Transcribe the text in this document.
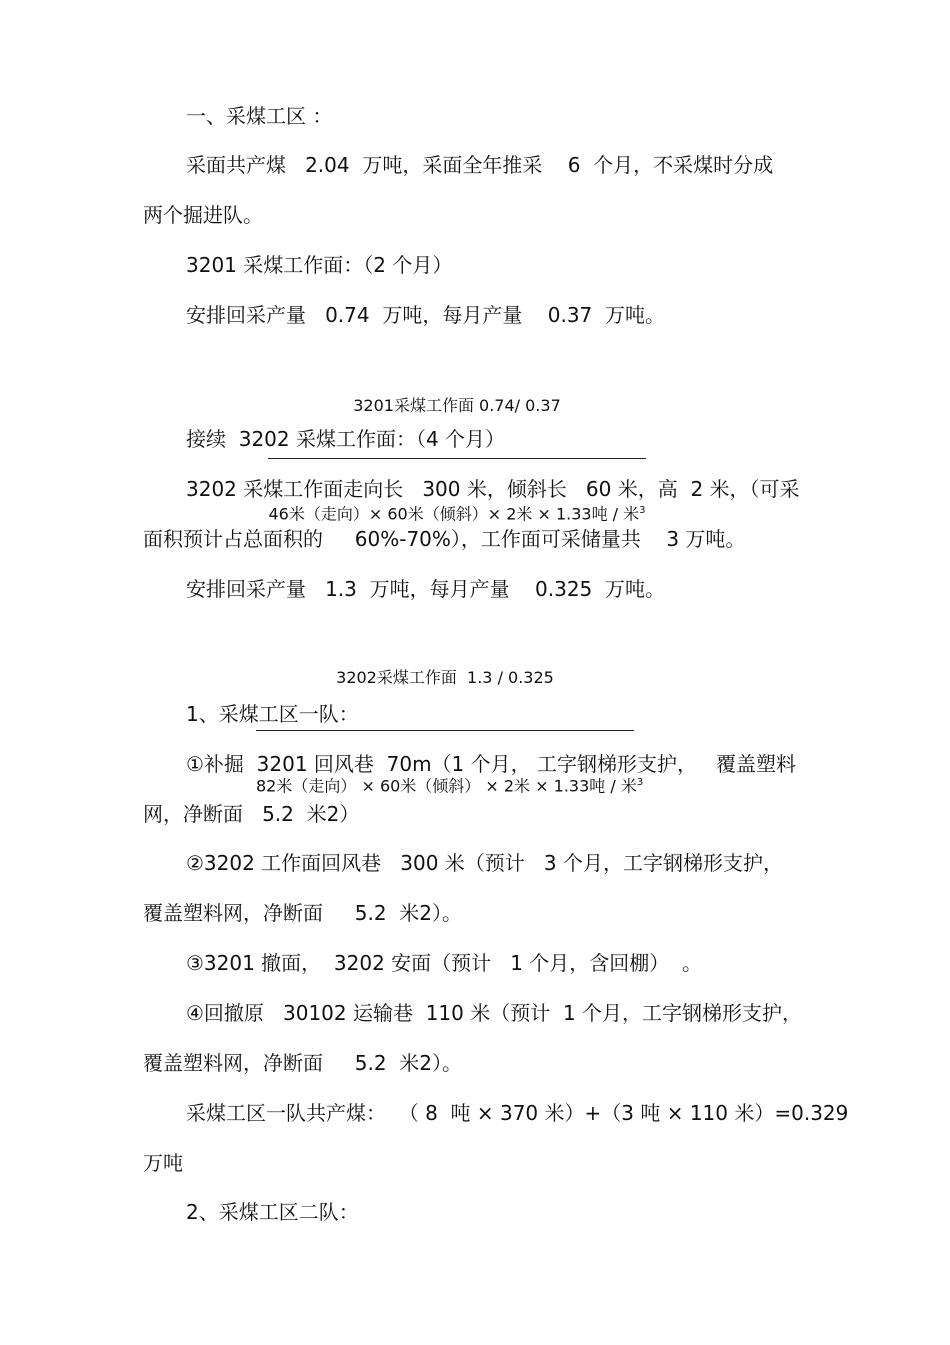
一、采煤工区 ：
采面共产煤   2.04  万吨，采面全年推采    6  个月，不采煤时分成
两个掘进队。
3201 采煤工作面：（2 个月）
安排回采产量   0.74  万吨，每月产量    0.37  万吨。

3201采煤工作面 0.74/ 0.37

46米（走向）× 60米（倾斜）× 2米 × 1.33吨 / 米$^3$

接续  3202 采煤工作面：（4 个月）
3202 采煤工作面走向长   300 米，倾斜长   60 米，高  2 米，（可采
面积预计占总面积的     60%-70%），工作面可采储量共    3 万吨。
安排回采产量   1.3  万吨，每月产量    0.325  万吨。

3202采煤工作面  1.3 / 0.325

82米（走向） × 60米（倾斜） × 2米 × 1.33吨 / 米$^3$

1、采煤工区一队：
①补掘  3201 回风巷  70m（1 个月， 工字钢梯形支护，   覆盖塑料
网，净断面   5.2  米2）
②3202 工作面回风巷   300 米（预计   3 个月，工字钢梯形支护，
覆盖塑料网，净断面     5.2  米2）。
③3201 撤面，  3202 安面（预计   1 个月，含回棚）  。
④回撤原   30102 运输巷  110 米（预计  1 个月，工字钢梯形支护，
覆盖塑料网，净断面     5.2  米2）。
采煤工区一队共产煤：  （ 8  吨 × 370 米）+（3 吨 × 110 米）=0.329
万吨
2、采煤工区二队：
